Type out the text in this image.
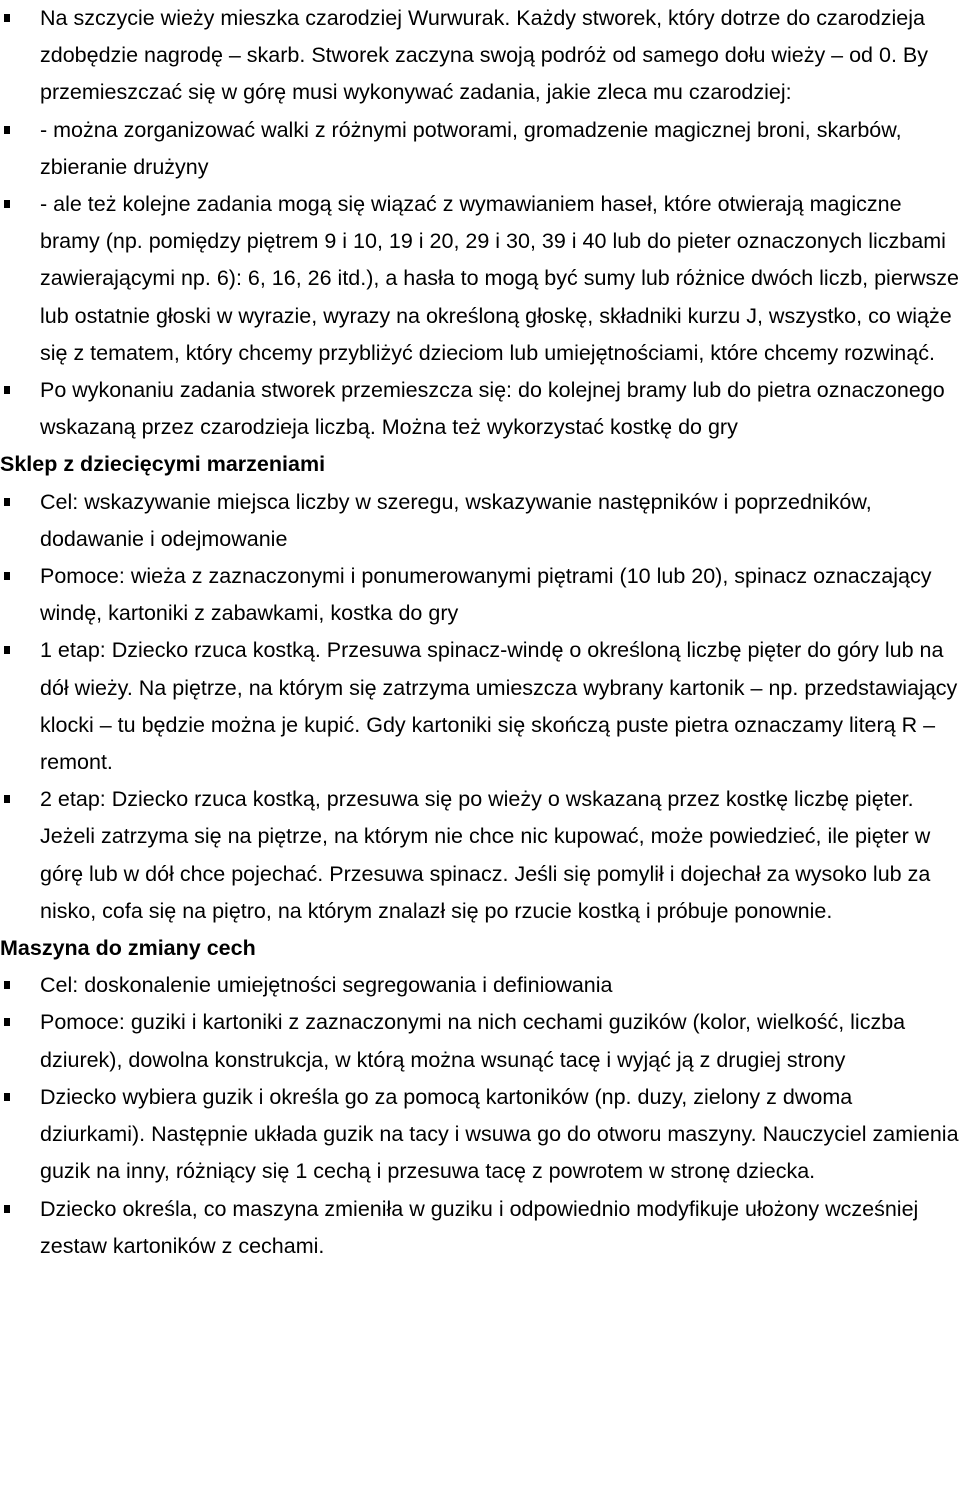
Na szczycie wieży mieszka czarodziej Wurwurak. Każdy stworek, który dotrze do czarodzieja zdobędzie nagrodę – skarb. Stworek zaczyna swoją podróż od samego dołu wieży – od 0. By przemieszczać się w górę musi wykonywać zadania, jakie zleca mu czarodziej:
- można zorganizować walki z różnymi potworami, gromadzenie magicznej broni, skarbów, zbieranie drużyny
- ale też kolejne zadania mogą się wiązać z wymawianiem haseł, które otwierają magiczne bramy (np. pomiędzy piętrem 9 i 10, 19 i 20, 29 i 30, 39 i 40 lub do pieter oznaczonych liczbami zawierającymi np. 6): 6, 16, 26 itd.), a hasła to mogą być sumy lub różnice dwóch liczb, pierwsze lub ostatnie głoski w wyrazie, wyrazy na określoną głoskę, składniki kurzu J, wszystko, co wiąże się z tematem, który chcemy przybliżyć dzieciom lub umiejętnościami, które chcemy rozwinąć.
Po wykonaniu zadania stworek przemieszcza się: do kolejnej bramy lub do pietra oznaczonego wskazaną przez czarodzieja liczbą. Można też wykorzystać kostkę do gry
Sklep z dziecięcymi marzeniami
Cel: wskazywanie miejsca liczby w szeregu, wskazywanie następników i poprzedników, dodawanie i odejmowanie
Pomoce: wieża z zaznaczonymi i ponumerowanymi piętrami (10 lub 20), spinacz oznaczający windę, kartoniki z zabawkami, kostka do gry
1 etap: Dziecko rzuca kostką. Przesuwa spinacz-windę o określoną liczbę pięter do góry lub na dół wieży. Na piętrze, na którym się zatrzyma umieszcza wybrany kartonik – np. przedstawiający klocki – tu będzie można je kupić. Gdy kartoniki się skończą puste pietra oznaczamy literą R – remont.
2 etap: Dziecko rzuca kostką, przesuwa się po wieży o wskazaną przez kostkę liczbę pięter. Jeżeli zatrzyma się na piętrze, na którym nie chce nic kupować, może powiedzieć, ile pięter w górę lub w dół chce pojechać. Przesuwa spinacz. Jeśli się pomylił i dojechał za wysoko lub za nisko, cofa się na piętro, na którym znalazł się po rzucie kostką i próbuje ponownie.
Maszyna do zmiany cech
Cel: doskonalenie umiejętności segregowania i definiowania
Pomoce: guziki i kartoniki z zaznaczonymi na nich cechami guzików (kolor, wielkość, liczba dziurek), dowolna konstrukcja, w którą można wsunąć tacę i wyjąć ją z drugiej strony
Dziecko wybiera guzik i określa go za pomocą kartoników (np. duzy, zielony z dwoma dziurkami). Następnie układa guzik na tacy i wsuwa go do otworu maszyny. Nauczyciel zamienia guzik na inny, różniący się 1 cechą i przesuwa tacę z powrotem w stronę dziecka.
Dziecko określa, co maszyna zmieniła w guziku i odpowiednio modyfikuje ułożony wcześniej zestaw kartoników z cechami.
